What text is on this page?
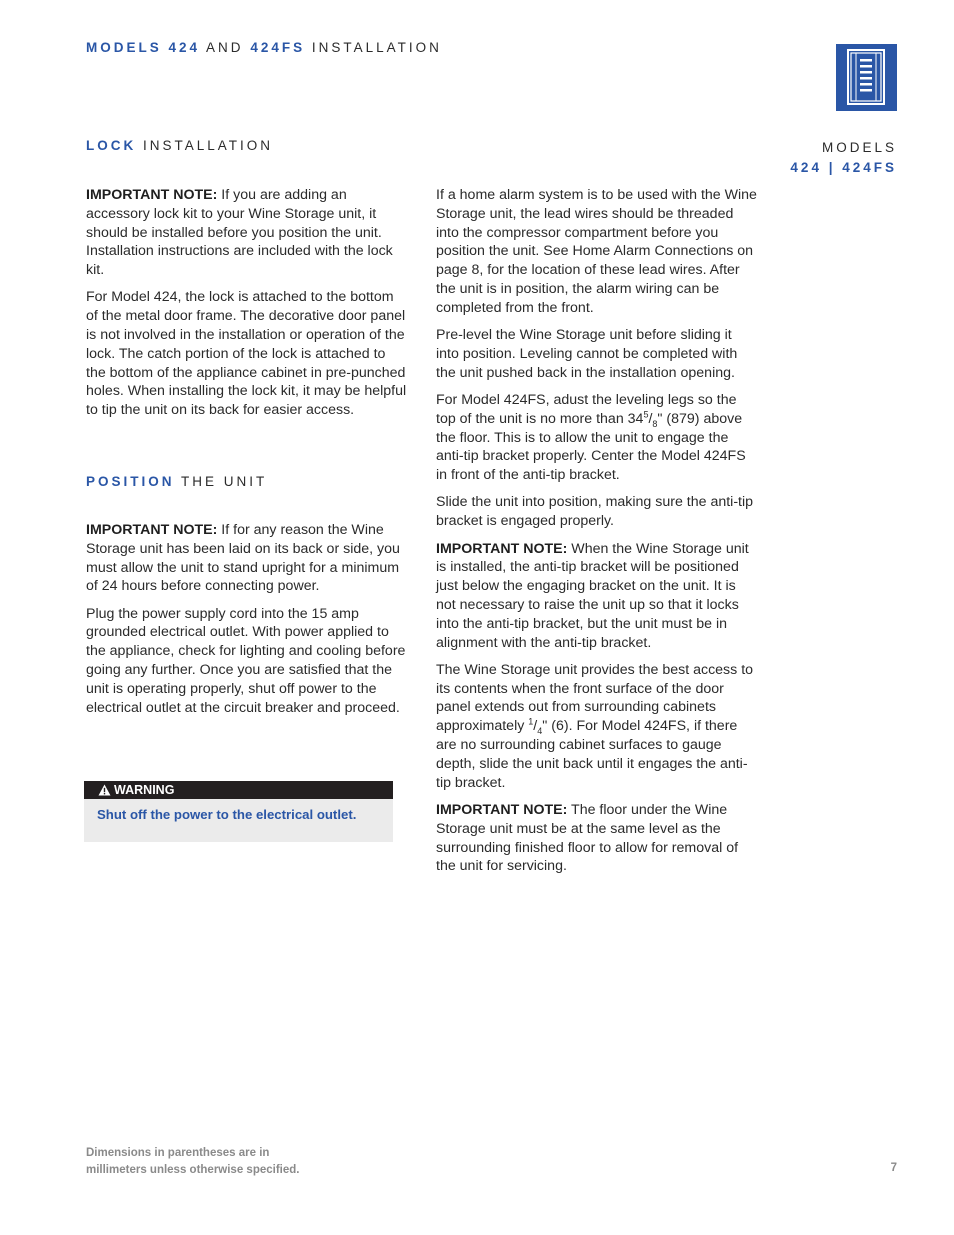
MODELS 424 AND 424FS INSTALLATION
MODELS
424 | 424FS
LOCK INSTALLATION

IMPORTANT NOTE: If you are adding an accessory lock kit to your Wine Storage unit, it should be installed before you position the unit. Installation instructions are included with the lock kit.

For Model 424, the lock is attached to the bottom of the metal door frame. The decorative door panel is not involved in the installation or operation of the lock. The catch portion of the lock is attached to the bottom of the appliance cabinet in pre-punched holes. When installing the lock kit, it may be helpful to tip the unit on its back for easier access.

POSITION THE UNIT

IMPORTANT NOTE: If for any reason the Wine Storage unit has been laid on its back or side, you must allow the unit to stand upright for a minimum of 24 hours before connecting power.

Plug the power supply cord into the 15 amp grounded electrical outlet. With power applied to the appliance, check for lighting and cooling before going any further. Once you are satisfied that the unit is operating properly, shut off power to the electrical outlet at the circuit breaker and proceed.

WARNING
Shut off the power to the electrical outlet.

If a home alarm system is to be used with the Wine Storage unit, the lead wires should be threaded into the compressor compartment before you position the unit. See Home Alarm Connections on page 8, for the location of these lead wires. After the unit is in position, the alarm wiring can be completed from the front.

Pre-level the Wine Storage unit before sliding it into position. Leveling cannot be completed with the unit pushed back in the installation opening.

For Model 424FS, adust the leveling legs so the top of the unit is no more than $34^5/_8$" (879) above the floor. This is to allow the unit to engage the anti-tip bracket properly. Center the Model 424FS in front of the anti-tip bracket.

Slide the unit into position, making sure the anti-tip bracket is engaged properly.

IMPORTANT NOTE: When the Wine Storage unit is installed, the anti-tip bracket will be positioned just below the engaging bracket on the unit. It is not necessary to raise the unit up so that it locks into the anti-tip bracket, but the unit must be in alignment with the anti-tip bracket.

The Wine Storage unit provides the best access to its contents when the front surface of the door panel extends out from surrounding cabinets approximately $^1/_4$" (6). For Model 424FS, if there are no surrounding cabinet surfaces to gauge depth, slide the unit back until it engages the anti-tip bracket.

IMPORTANT NOTE: The floor under the Wine Storage unit must be at the same level as the surrounding finished floor to allow for removal of the unit for servicing.

Dimensions in parentheses are in
millimeters unless otherwise specified.	7
